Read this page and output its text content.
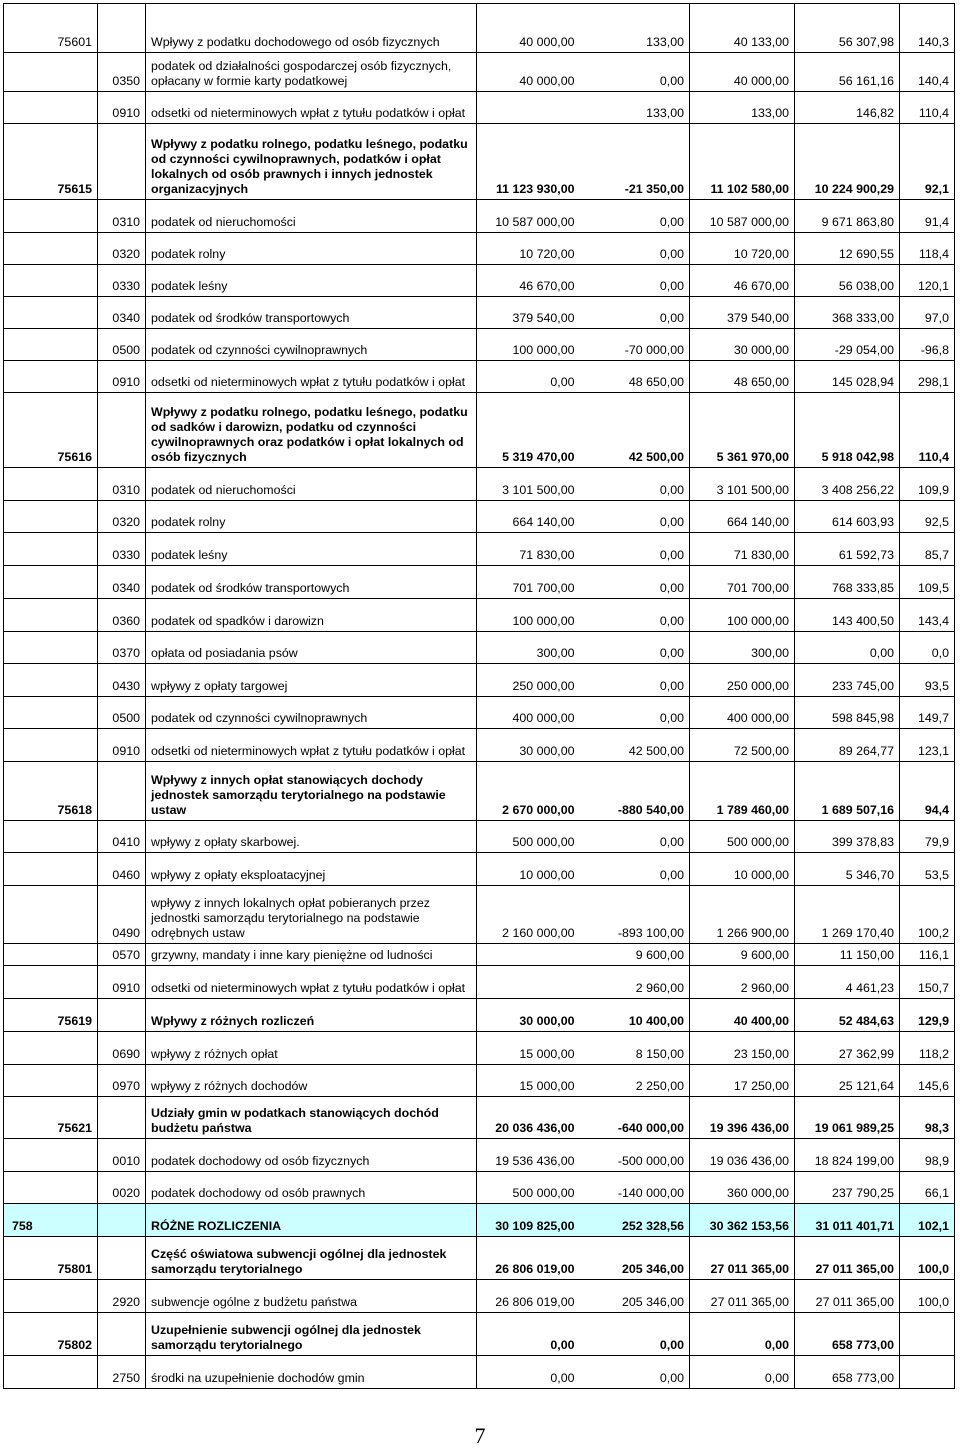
75601		Wpływy z podatku dochodowego od osób fizycznych	40 000,00	133,00	40 133,00	56 307,98	140,3
	0350	podatek od działalności gospodarczej osób fizycznych, opłacany w formie karty podatkowej	40 000,00	0,00	40 000,00	56 161,16	140,4
	0910	odsetki od nieterminowych wpłat z tytułu podatków i opłat		133,00	133,00	146,82	110,4
75615		Wpływy z podatku rolnego, podatku leśnego, podatku od czynności cywilnoprawnych, podatków i opłat lokalnych od osób prawnych i innych jednostek organizacyjnych	11 123 930,00	-21 350,00	11 102 580,00	10 224 900,29	92,1
	0310	podatek od nieruchomości	10 587 000,00	0,00	10 587 000,00	9 671 863,80	91,4
	0320	podatek rolny	10 720,00	0,00	10 720,00	12 690,55	118,4
	0330	podatek leśny	46 670,00	0,00	46 670,00	56 038,00	120,1
	0340	podatek od środków transportowych	379 540,00	0,00	379 540,00	368 333,00	97,0
	0500	podatek od czynności cywilnoprawnych	100 000,00	-70 000,00	30 000,00	-29 054,00	-96,8
	0910	odsetki od nieterminowych wpłat z tytułu podatków i opłat	0,00	48 650,00	48 650,00	145 028,94	298,1
75616		Wpływy z podatku rolnego, podatku leśnego, podatku od sadków i darowizn, podatku od czynności cywilnoprawnych oraz podatków i opłat lokalnych od osób fizycznych	5 319 470,00	42 500,00	5 361 970,00	5 918 042,98	110,4
	0310	podatek od nieruchomości	3 101 500,00	0,00	3 101 500,00	3 408 256,22	109,9
	0320	podatek rolny	664 140,00	0,00	664 140,00	614 603,93	92,5
	0330	podatek leśny	71 830,00	0,00	71 830,00	61 592,73	85,7
	0340	podatek od środków transportowych	701 700,00	0,00	701 700,00	768 333,85	109,5
	0360	podatek od spadków i darowizn	100 000,00	0,00	100 000,00	143 400,50	143,4
	0370	opłata od posiadania psów	300,00	0,00	300,00	0,00	0,0
	0430	wpływy z opłaty targowej	250 000,00	0,00	250 000,00	233 745,00	93,5
	0500	podatek od czynności cywilnoprawnych	400 000,00	0,00	400 000,00	598 845,98	149,7
	0910	odsetki od nieterminowych wpłat z tytułu podatków i opłat	30 000,00	42 500,00	72 500,00	89 264,77	123,1
75618		Wpływy z innych opłat stanowiących dochody jednostek samorządu terytorialnego na podstawie ustaw	2 670 000,00	-880 540,00	1 789 460,00	1 689 507,16	94,4
	0410	wpływy z opłaty skarbowej.	500 000,00	0,00	500 000,00	399 378,83	79,9
	0460	wpływy z opłaty eksploatacyjnej	10 000,00	0,00	10 000,00	5 346,70	53,5
	0490	wpływy z innych lokalnych opłat pobieranych przez jednostki samorządu terytorialnego na podstawie odrębnych ustaw	2 160 000,00	-893 100,00	1 266 900,00	1 269 170,40	100,2
	0570	grzywny, mandaty i inne kary pieniężne od ludności		9 600,00	9 600,00	11 150,00	116,1
	0910	odsetki od nieterminowych wpłat z tytułu podatków i opłat		2 960,00	2 960,00	4 461,23	150,7
75619		Wpływy z różnych rozliczeń	30 000,00	10 400,00	40 400,00	52 484,63	129,9
	0690	wpływy z różnych opłat	15 000,00	8 150,00	23 150,00	27 362,99	118,2
	0970	wpływy z różnych dochodów	15 000,00	2 250,00	17 250,00	25 121,64	145,6
75621		Udziały gmin w podatkach stanowiących dochód budżetu państwa	20 036 436,00	-640 000,00	19 396 436,00	19 061 989,25	98,3
	0010	podatek dochodowy od osób fizycznych	19 536 436,00	-500 000,00	19 036 436,00	18 824 199,00	98,9
	0020	podatek dochodowy od osób prawnych	500 000,00	-140 000,00	360 000,00	237 790,25	66,1
758		RÓŻNE ROZLICZENIA	30 109 825,00	252 328,56	30 362 153,56	31 011 401,71	102,1
75801		Część oświatowa subwencji ogólnej dla jednostek samorządu terytorialnego	26 806 019,00	205 346,00	27 011 365,00	27 011 365,00	100,0
	2920	subwencje ogólne z budżetu państwa	26 806 019,00	205 346,00	27 011 365,00	27 011 365,00	100,0
75802		Uzupełnienie subwencji ogólnej dla jednostek samorządu terytorialnego	0,00	0,00	0,00	658 773,00	
	2750	środki na uzupełnienie dochodów gmin	0,00	0,00	0,00	658 773,00	
7
